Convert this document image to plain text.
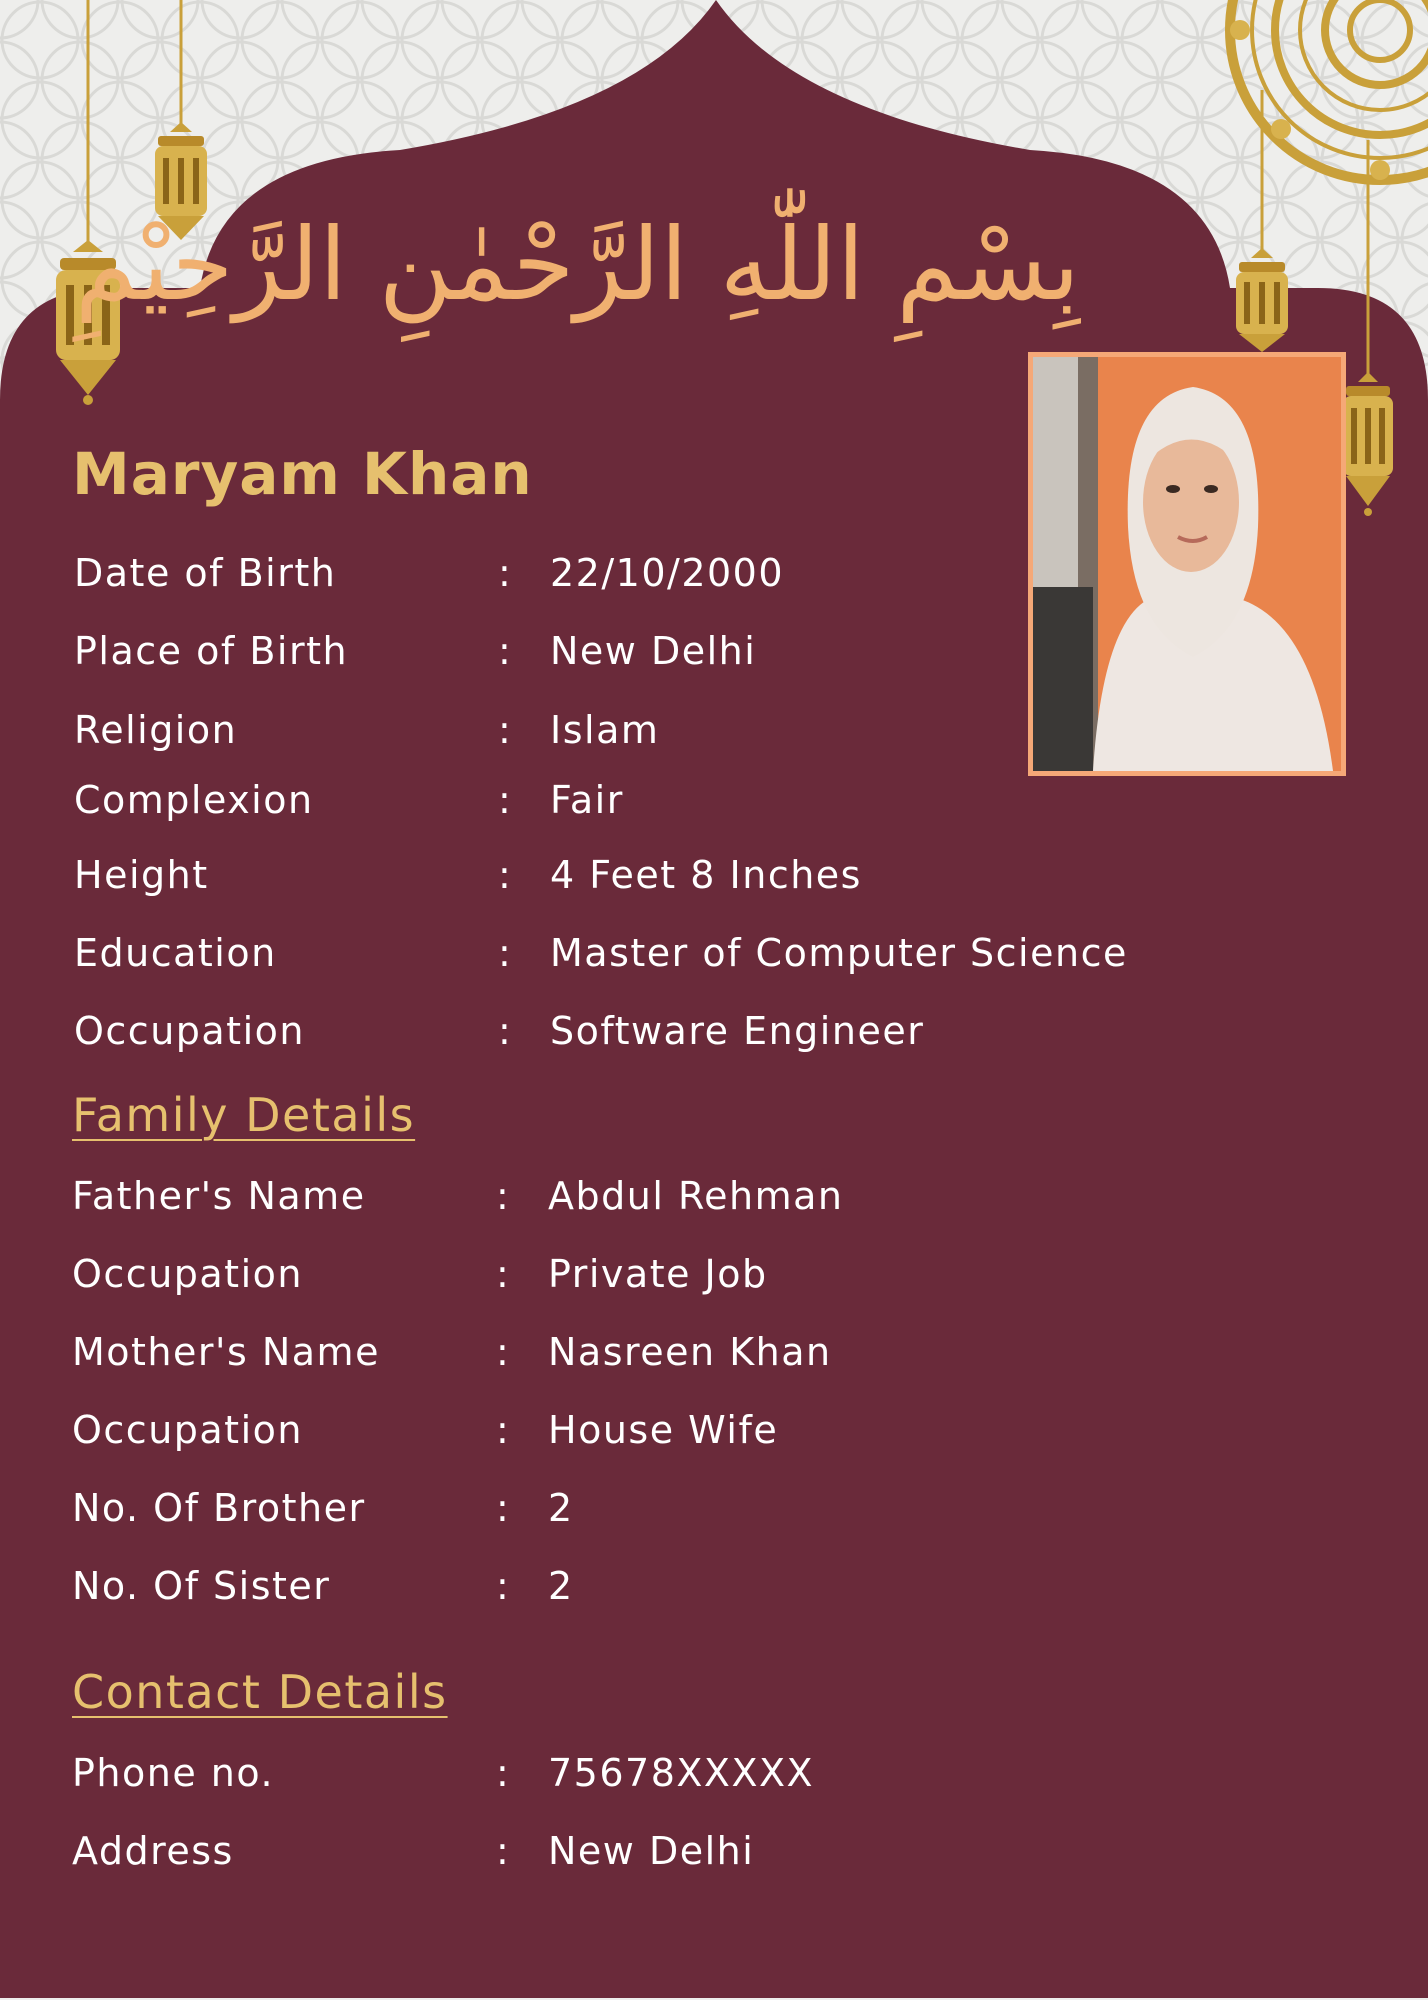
بِسْمِ اللّٰهِ الرَّحْمٰنِ الرَّحِيْمِ
Maryam Khan
Date of Birth	: 22/10/2000
Place of Birth	: New Delhi
Religion	: Islam
Complexion	: Fair
Height	: 4 Feet 8 Inches
Education	: Master of Computer Science
Occupation	: Software Engineer
Family Details
Father's Name	: Abdul Rehman
Occupation	: Private Job
Mother's Name	: Nasreen Khan
Occupation	: House Wife
No. Of Brother	: 2
No. Of Sister	: 2
Contact Details
Phone no.	: 75678XXXXX
Address	: New Delhi
